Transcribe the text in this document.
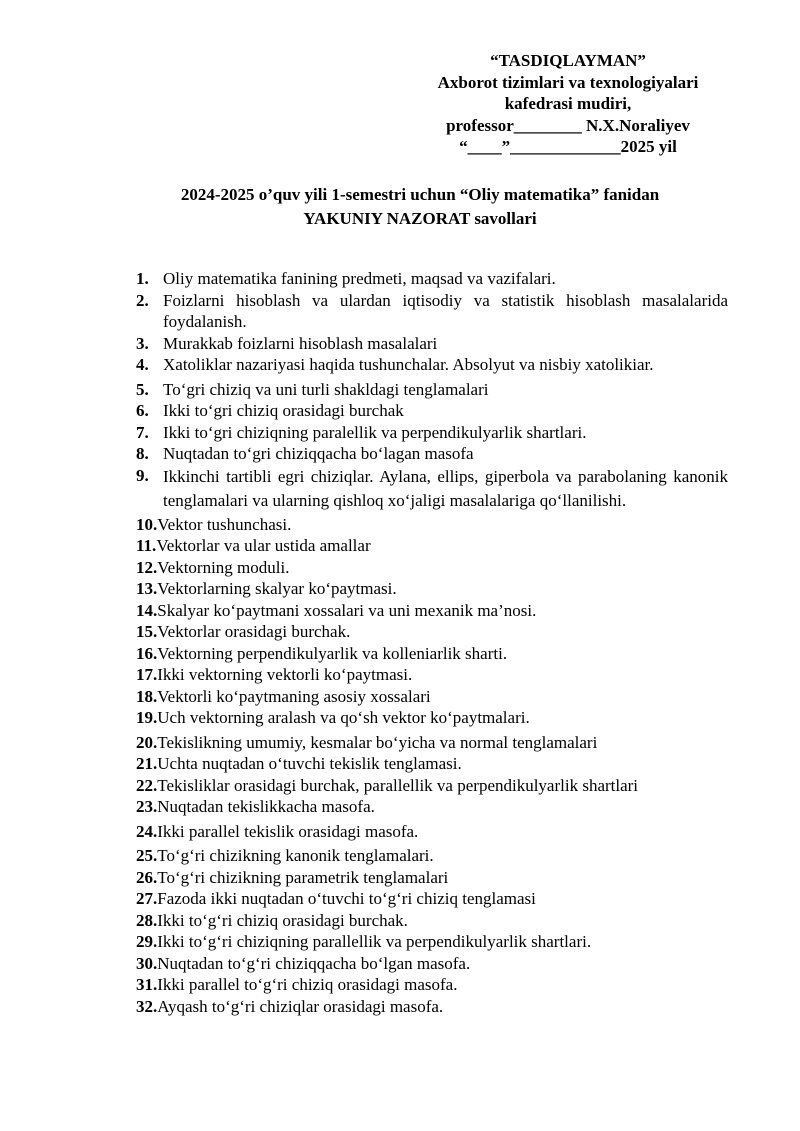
“TASDIQLAYMAN”
Axborot tizimlari va texnologiyalari
kafedrasi mudiri,
professor________ N.X.Noraliyev
“____”_____________2025 yil
2024-2025 o’quv yili 1-semestri uchun “Oliy matematika” fanidan
YAKUNIY NAZORAT savollari
1. Oliy matematika fanining predmeti, maqsad va vazifalari.
2. Foizlarni hisoblash va ulardan iqtisodiy va statistik hisoblash masalalarida foydalanish.
3. Murakkab foizlarni hisoblash masalalari
4. Xatoliklar nazariyasi haqida tushunchalar. Absolyut va nisbiy xatolikiar.
5. To‘gri chiziq va uni turli shakldagi tenglamalari
6. Ikki to‘gri chiziq orasidagi burchak
7. Ikki to‘gri chiziqning paralellik va perpendikulyarlik shartlari.
8. Nuqtadan to‘gri chiziqqacha bo‘lagan masofa
9. Ikkinchi tartibli egri chiziqlar. Aylana, ellips, giperbola va parabolaning kanonik tenglamalari va ularning qishloq xo‘jaligi masalalariga qo‘llanilishi.
10. Vektor tushunchasi.
11. Vektorlar va ular ustida amallar
12. Vektorning moduli.
13. Vektorlarning skalyar ko‘paytmasi.
14. Skalyar ko‘paytmani xossalari va uni mexanik ma’nosi.
15. Vektorlar orasidagi burchak.
16. Vektorning perpendikulyarlik va kolleniarlik sharti.
17. Ikki vektorning vektorli ko‘paytmasi.
18. Vektorli ko‘paytmaning asosiy xossalari
19. Uch vektorning aralash va qo‘sh vektor ko‘paytmalari.
20. Tekislikning umumiy, kesmalar bo‘yicha va normal tenglamalari
21. Uchta nuqtadan o‘tuvchi tekislik tenglamasi.
22. Tekisliklar orasidagi burchak, parallellik va perpendikulyarlik shartlari
23. Nuqtadan tekislikkacha masofa.
24. Ikki parallel tekislik orasidagi masofa.
25. To‘g‘ri chizikning kanonik tenglamalari.
26. To‘g‘ri chizikning parametrik tenglamalari
27. Fazoda ikki nuqtadan o‘tuvchi to‘g‘ri chiziq tenglamasi
28. Ikki to‘g‘ri chiziq orasidagi burchak.
29. Ikki to‘g‘ri chiziqning parallellik va perpendikulyarlik shartlari.
30. Nuqtadan to‘g‘ri chiziqqacha bo‘lgan masofa.
31. Ikki parallel to‘g‘ri chiziq orasidagi masofa.
32. Ayqash to‘g‘ri chiziqlar orasidagi masofa.
